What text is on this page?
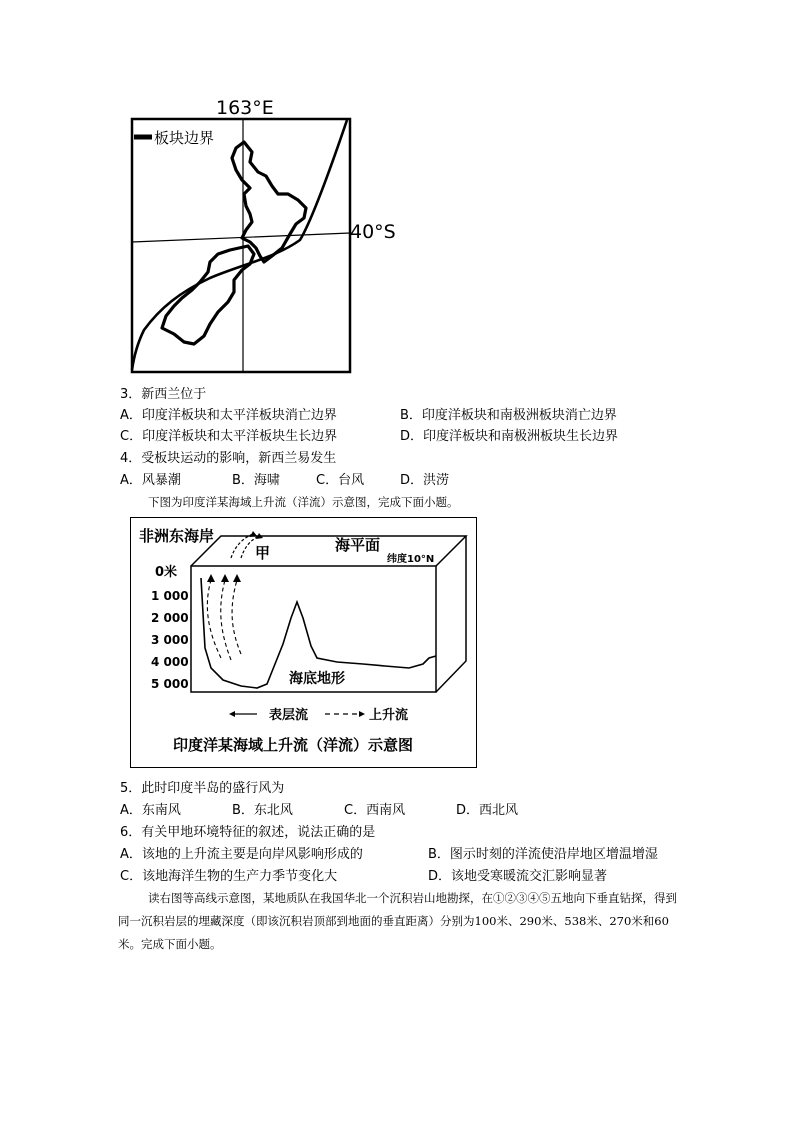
163°E
40°S
板块边界
3．新西兰位于
A．印度洋板块和太平洋板块消亡边界	B．印度洋板块和南极洲板块消亡边界
C．印度洋板块和太平洋板块生长边界	D．印度洋板块和南极洲板块生长边界
4．受板块运动的影响，新西兰易发生
A．风暴潮	B．海啸	C．台风	D．洪涝
下图为印度洋某海域上升流（洋流）示意图，完成下面小题。
非洲东海岸	海平面
纬度10°N
甲
0米
1 000
2 000
3 000
4 000
5 000	海底地形
表层流	上升流
印度洋某海域上升流（洋流）示意图
5．此时印度半岛的盛行风为
A．东南风	B．东北风	C．西南风	D．西北风
6．有关甲地环境特征的叙述，说法正确的是
A．该地的上升流主要是向岸风影响形成的	B．图示时刻的洋流使沿岸地区增温增湿
C．该地海洋生物的生产力季节变化大	D．该地受寒暖流交汇影响显著
读右图等高线示意图，某地质队在我国华北一个沉积岩山地勘探，在①②③④⑤五地向下垂直钻探，得到同一沉积岩层的埋藏深度（即该沉积岩顶部到地面的垂直距离）分别为100米、290米、538米、270米和60米。完成下面小题。
